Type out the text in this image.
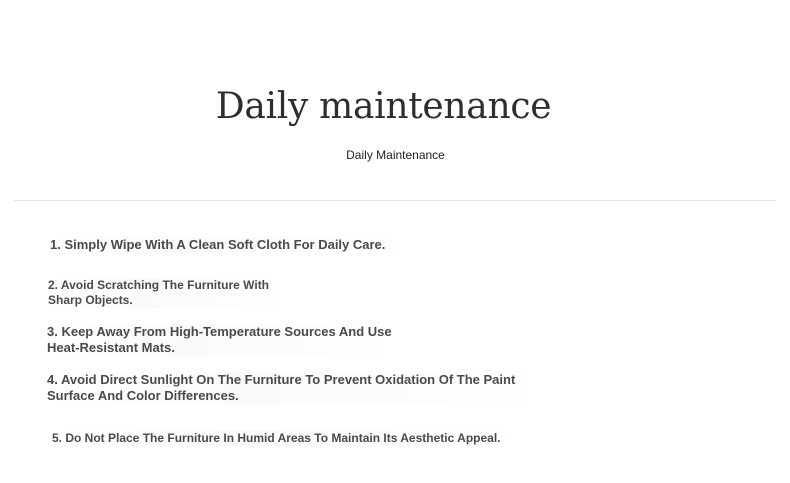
Daily maintenance
Daily Maintenance
1. Simply Wipe With A Clean Soft Cloth For Daily Care.
2. Avoid Scratching The Furniture With Sharp Objects.
3. Keep Away From High-Temperature Sources And Use Heat-Resistant Mats.
4. Avoid Direct Sunlight On The Furniture To Prevent Oxidation Of The Paint Surface And Color Differences.
5. Do Not Place The Furniture In Humid Areas To Maintain Its Aesthetic Appeal.
